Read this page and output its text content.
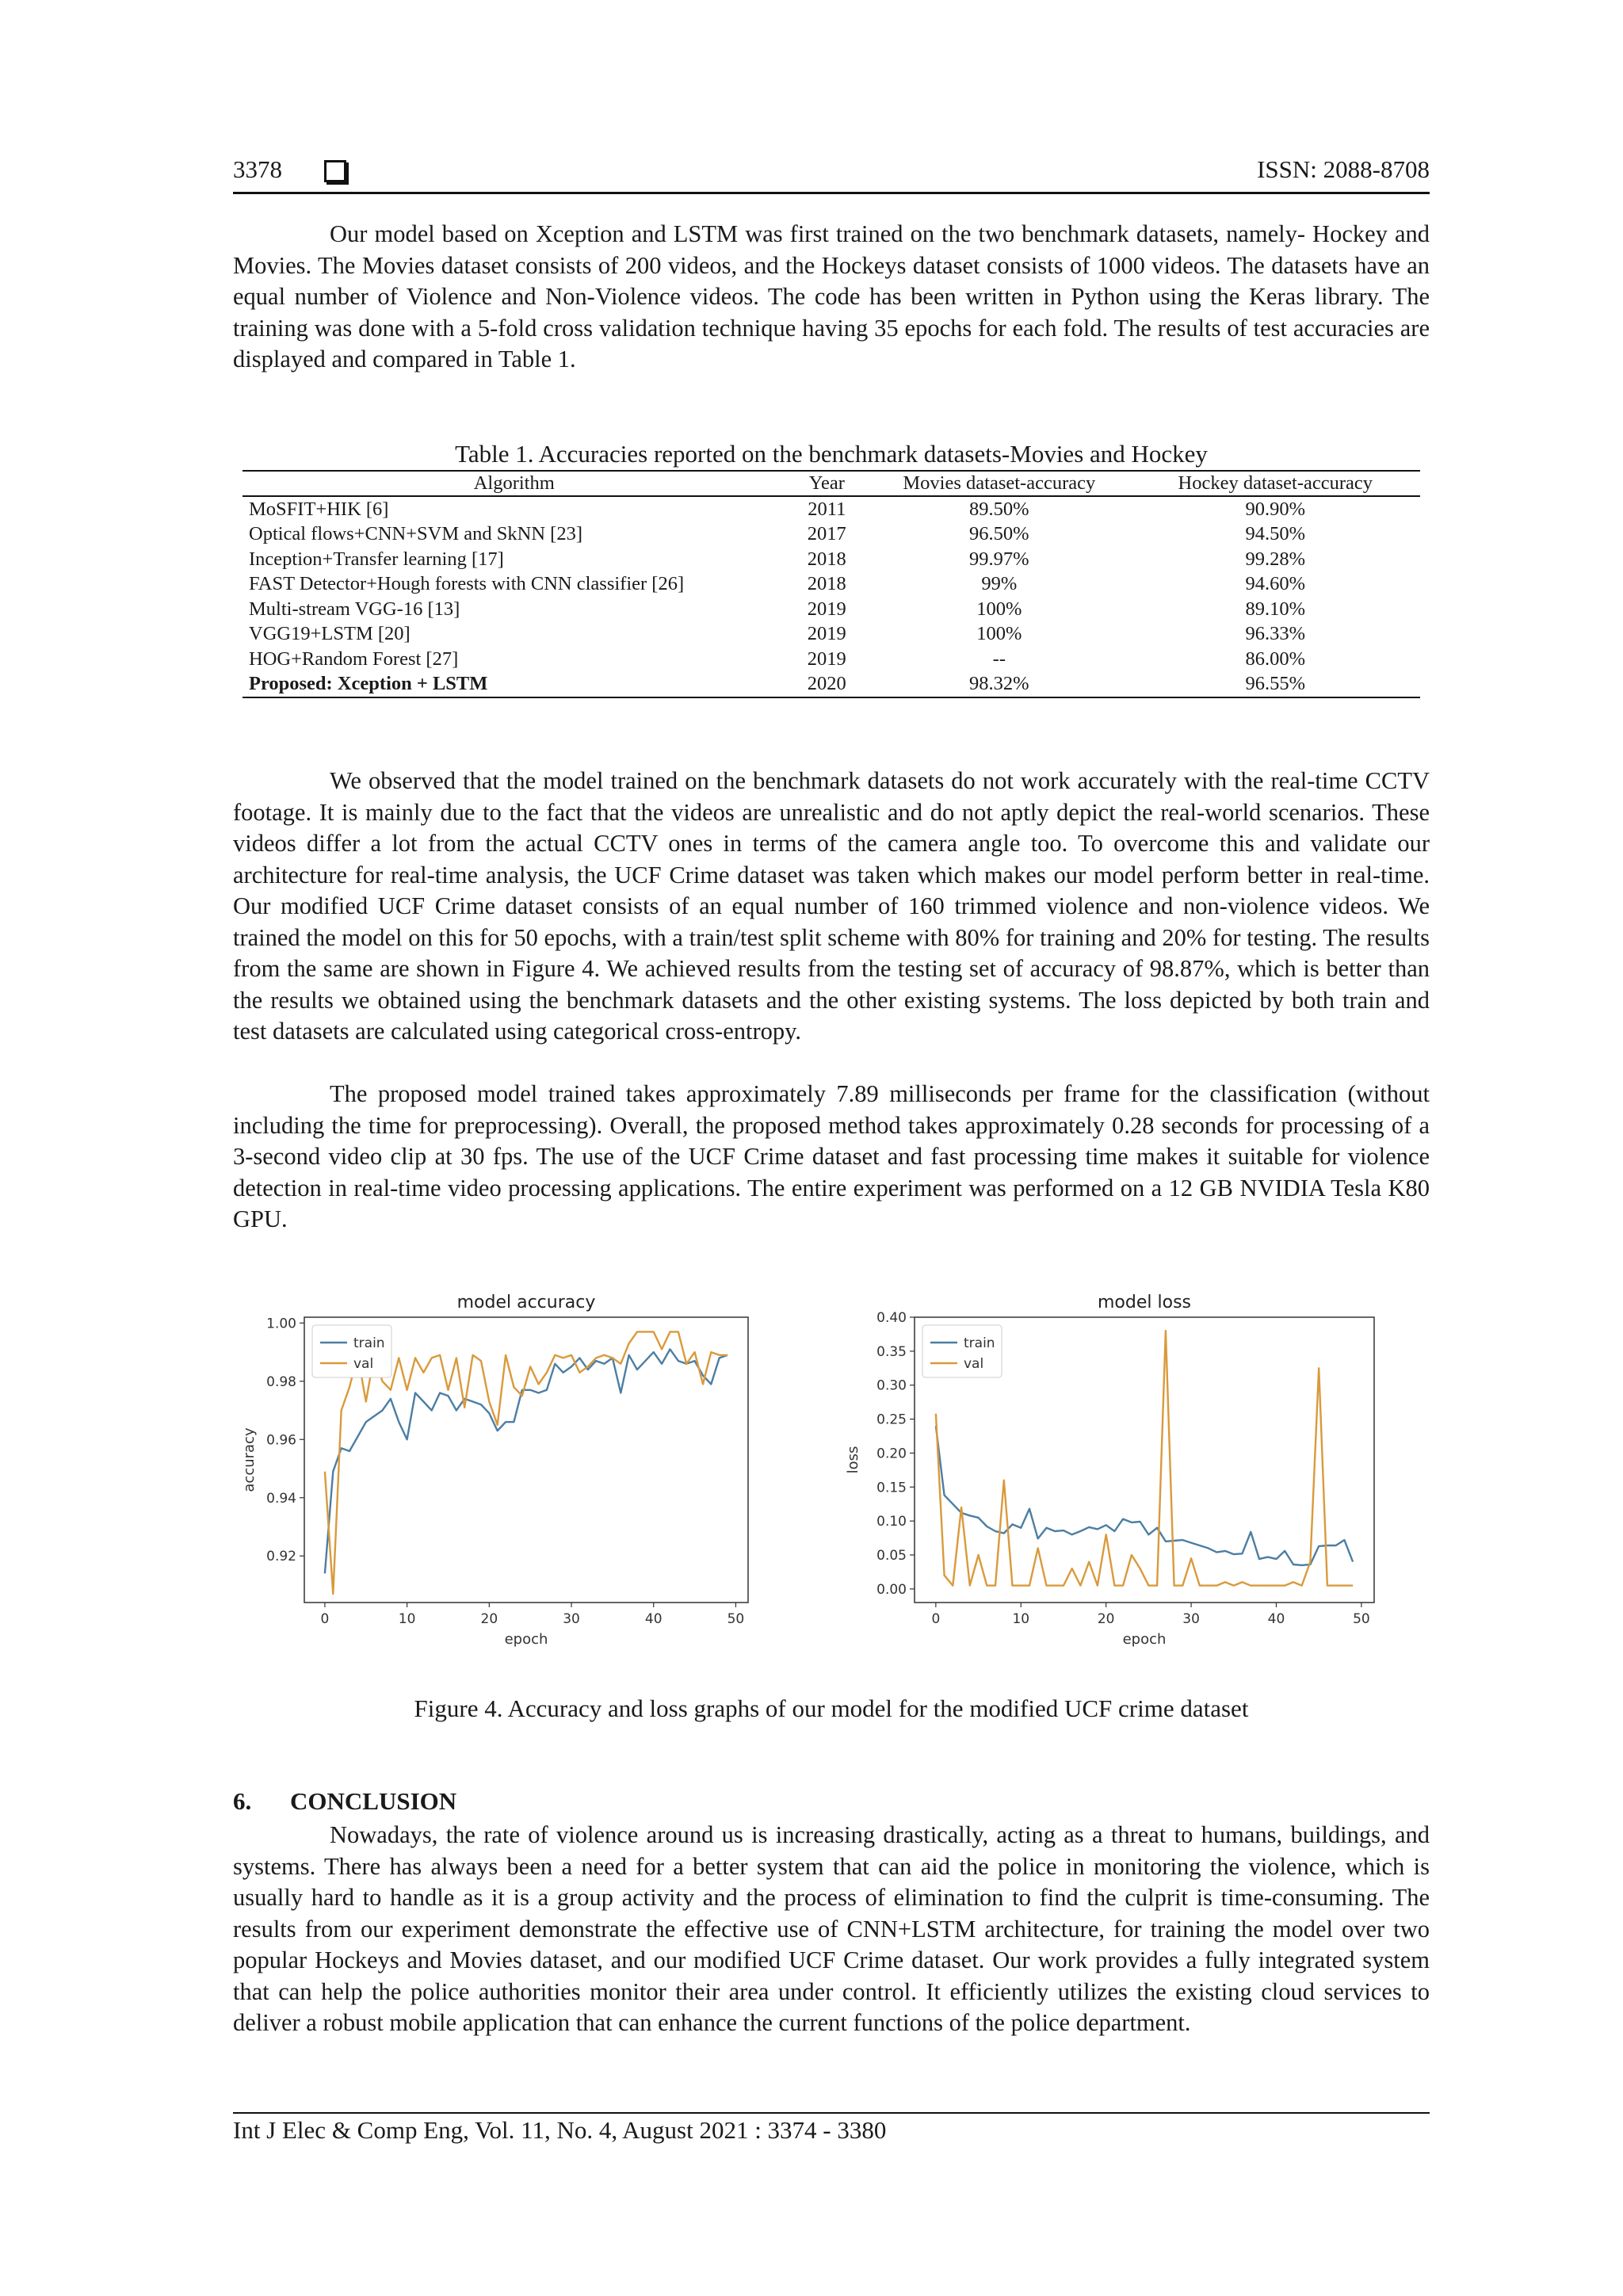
3378	ISSN: 2088-8708

Our model based on Xception and LSTM was first trained on the two benchmark datasets, namely- Hockey and Movies. The Movies dataset consists of 200 videos, and the Hockeys dataset consists of 1000 videos. The datasets have an equal number of Violence and Non-Violence videos. The code has been written in Python using the Keras library. The training was done with a 5-fold cross validation technique having 35 epochs for each fold. The results of test accuracies are displayed and compared in Table 1.

Table 1. Accuracies reported on the benchmark datasets-Movies and Hockey
Algorithm	Year	Movies dataset-accuracy	Hockey dataset-accuracy
MoSFIT+HIK [6]	2011	89.50%	90.90%
Optical flows+CNN+SVM and SkNN [23]	2017	96.50%	94.50%
Inception+Transfer learning [17]	2018	99.97%	99.28%
FAST Detector+Hough forests with CNN classifier [26]	2018	99%	94.60%
Multi-stream VGG-16 [13]	2019	100%	89.10%
VGG19+LSTM [20]	2019	100%	96.33%
HOG+Random Forest [27]	2019	--	86.00%
Proposed: Xception + LSTM	2020	98.32%	96.55%

We observed that the model trained on the benchmark datasets do not work accurately with the real-time CCTV footage. It is mainly due to the fact that the videos are unrealistic and do not aptly depict the real-world scenarios. These videos differ a lot from the actual CCTV ones in terms of the camera angle too. To overcome this and validate our architecture for real-time analysis, the UCF Crime dataset was taken which makes our model perform better in real-time. Our modified UCF Crime dataset consists of an equal number of 160 trimmed violence and non-violence videos. We trained the model on this for 50 epochs, with a train/test split scheme with 80% for training and 20% for testing. The results from the same are shown in Figure 4. We achieved results from the testing set of accuracy of 98.87%, which is better than the results we obtained using the benchmark datasets and the other existing systems. The loss depicted by both train and test datasets are calculated using categorical cross-entropy.

The proposed model trained takes approximately 7.89 milliseconds per frame for the classification (without including the time for preprocessing). Overall, the proposed method takes approximately 0.28 seconds for processing of a 3-second video clip at 30 fps. The use of the UCF Crime dataset and fast processing time makes it suitable for violence detection in real-time video processing applications. The entire experiment was performed on a 12 GB NVIDIA Tesla K80 GPU.

model accuracy
0	10	20	30	40	50
0.92
0.94
0.96
0.98
1.00
epoch
accuracy
train
val
model loss
0	10	20	30	40	50
0.00
0.05
0.10
0.15
0.20
0.25
0.30
0.35
0.40
epoch
loss
train
val
Figure 4. Accuracy and loss graphs of our model for the modified UCF crime dataset
6. CONCLUSION

Nowadays, the rate of violence around us is increasing drastically, acting as a threat to humans, buildings, and systems. There has always been a need for a better system that can aid the police in monitoring the violence, which is usually hard to handle as it is a group activity and the process of elimination to find the culprit is time-consuming. The results from our experiment demonstrate the effective use of CNN+LSTM architecture, for training the model over two popular Hockeys and Movies dataset, and our modified UCF Crime dataset. Our work provides a fully integrated system that can help the police authorities monitor their area under control. It efficiently utilizes the existing cloud services to deliver a robust mobile application that can enhance the current functions of the police department.

Int J Elec & Comp Eng, Vol. 11, No. 4, August 2021 : 3374 - 3380
